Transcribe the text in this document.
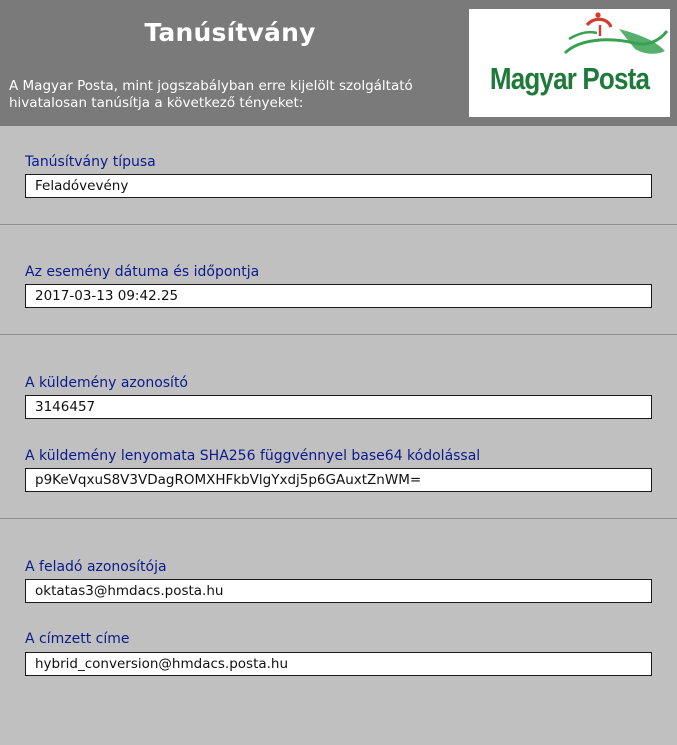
Tanúsítvány
A Magyar Posta, mint jogszabályban erre kijelölt szolgáltató hivatalosan tanúsítja a következő tényeket:
Magyar Posta
Tanúsítvány típusa
Feladóvevény
Az esemény dátuma és időpontja
2017-03-13 09:42.25
A küldemény azonosító
3146457
A küldemény lenyomata SHA256 függvénnyel base64 kódolással
p9KeVqxuS8V3VDagROMXHFkbVlgYxdj5p6GAuxtZnWM=
A feladó azonosítója
oktatas3@hmdacs.posta.hu
A címzett címe
hybrid_conversion@hmdacs.posta.hu
